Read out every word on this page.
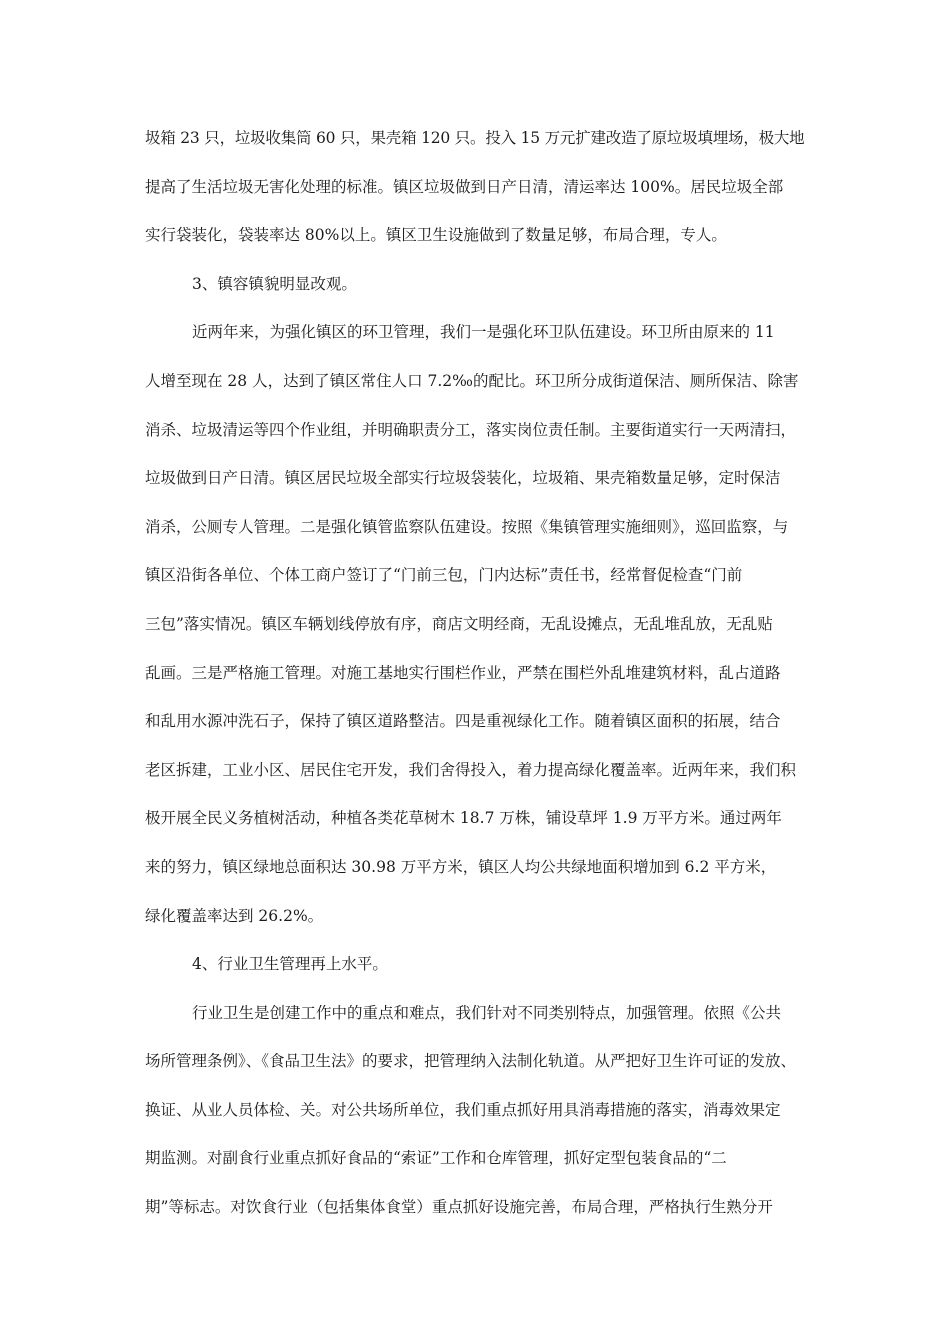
圾箱 23 只，垃圾收集筒 60 只，果壳箱 120 只。投入 15 万元扩建改造了原垃圾填埋场，极大地
提高了生活垃圾无害化处理的标准。镇区垃圾做到日产日清，清运率达 100%。居民垃圾全部
实行袋装化，袋装率达 80%以上。镇区卫生设施做到了数量足够，布局合理，专人。
3、镇容镇貌明显改观。
近两年来，为强化镇区的环卫管理，我们一是强化环卫队伍建设。环卫所由原来的 11
人增至现在 28 人，达到了镇区常住人口 7.2‰的配比。环卫所分成街道保洁、厕所保洁、除害
消杀、垃圾清运等四个作业组，并明确职责分工，落实岗位责任制。主要街道实行一天两清扫，
垃圾做到日产日清。镇区居民垃圾全部实行垃圾袋装化，垃圾箱、果壳箱数量足够，定时保洁
消杀，公厕专人管理。二是强化镇管监察队伍建设。按照《集镇管理实施细则》，巡回监察，与
镇区沿街各单位、个体工商户签订了“门前三包，门内达标”责任书，经常督促检查“门前
三包”落实情况。镇区车辆划线停放有序，商店文明经商，无乱设摊点，无乱堆乱放，无乱贴
乱画。三是严格施工管理。对施工基地实行围栏作业，严禁在围栏外乱堆建筑材料，乱占道路
和乱用水源冲洗石子，保持了镇区道路整洁。四是重视绿化工作。随着镇区面积的拓展，结合
老区拆建，工业小区、居民住宅开发，我们舍得投入，着力提高绿化覆盖率。近两年来，我们积
极开展全民义务植树活动，种植各类花草树木 18.7 万株，铺设草坪 1.9 万平方米。通过两年
来的努力，镇区绿地总面积达 30.98 万平方米，镇区人均公共绿地面积增加到 6.2 平方米，
绿化覆盖率达到 26.2%。
4、行业卫生管理再上水平。
行业卫生是创建工作中的重点和难点，我们针对不同类别特点，加强管理。依照《公共
场所管理条例》、《食品卫生法》的要求，把管理纳入法制化轨道。从严把好卫生许可证的发放、
换证、从业人员体检、关。对公共场所单位，我们重点抓好用具消毒措施的落实，消毒效果定
期监测。对副食行业重点抓好食品的“索证”工作和仓库管理，抓好定型包装食品的“二
期”等标志。对饮食行业（包括集体食堂）重点抓好设施完善，布局合理，严格执行生熟分开
